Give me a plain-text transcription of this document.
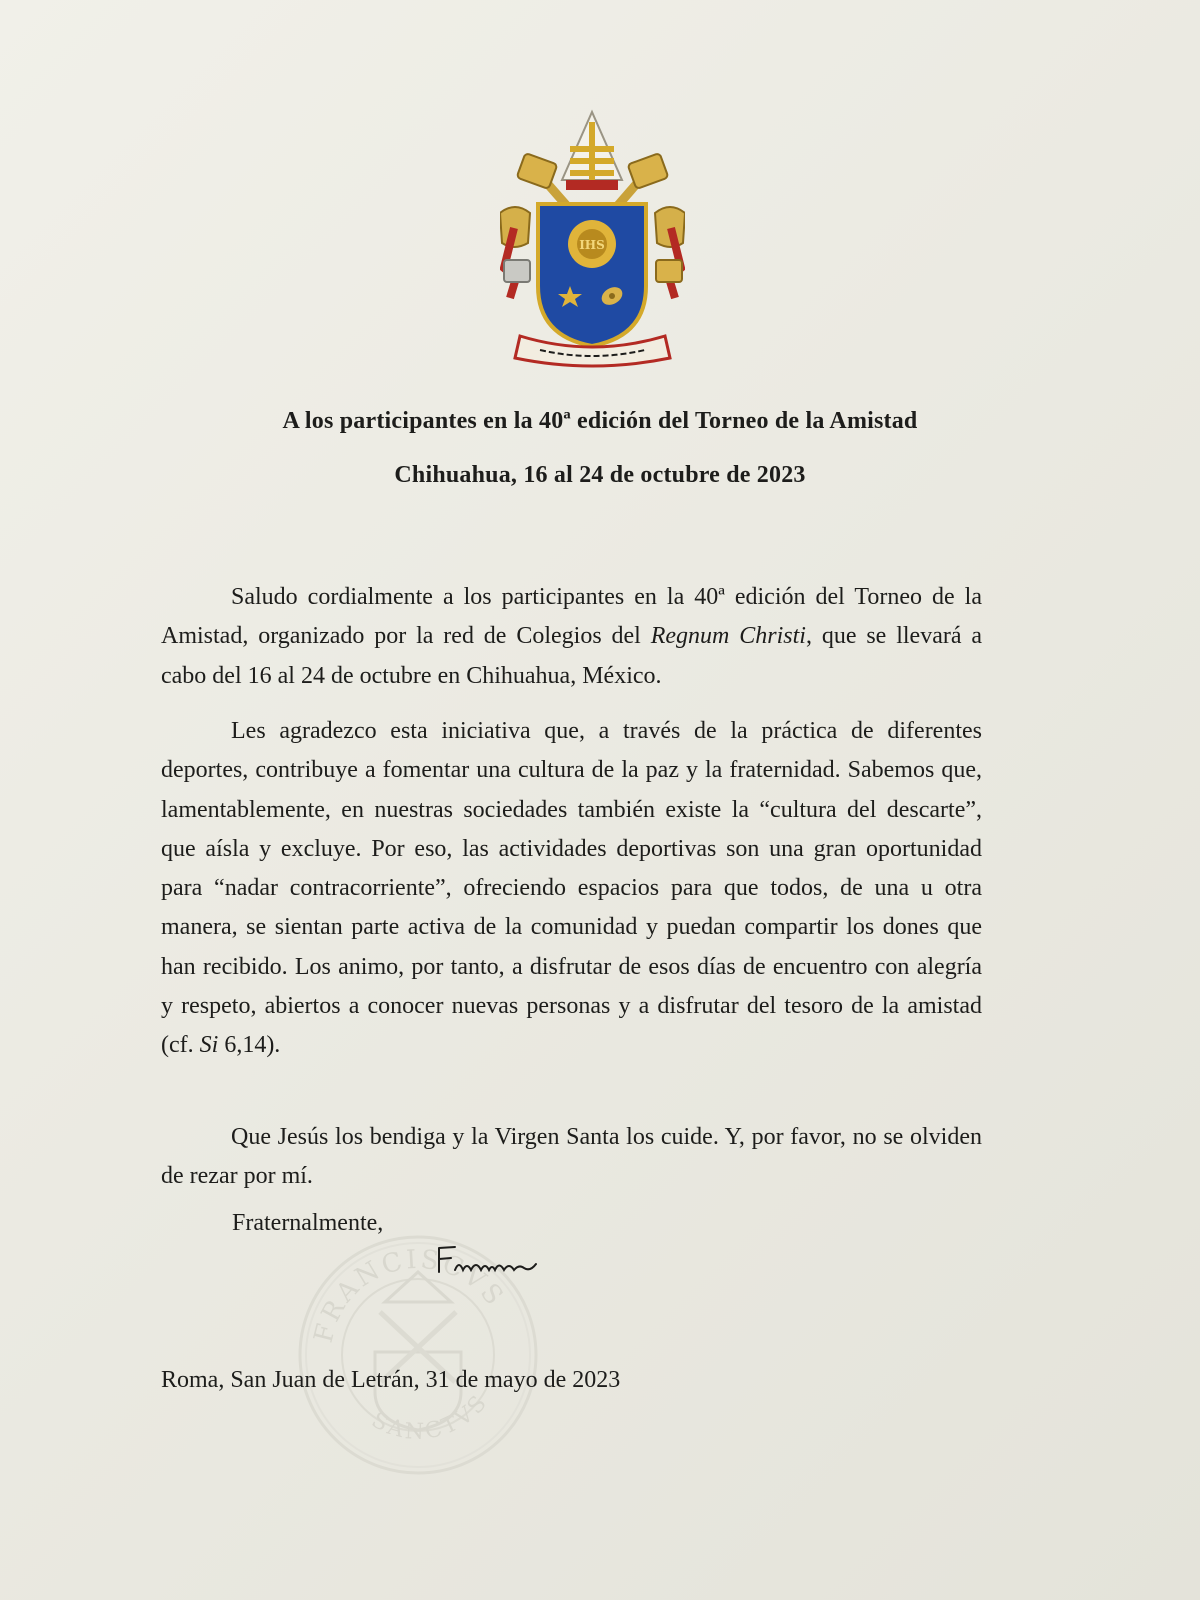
IHS

A los participantes en la 40ª edición del Torneo de la Amistad

Chihuahua, 16 al 24 de octubre de 2023

Saludo cordialmente a los participantes en la 40ª edición del Torneo de la Amistad, organizado por la red de Colegios del Regnum Christi, que se llevará a cabo del 16 al 24 de octubre en Chihuahua, México.

Les agradezco esta iniciativa que, a través de la práctica de diferentes deportes, contribuye a fomentar una cultura de la paz y la fraternidad. Sabemos que, lamentablemente, en nuestras sociedades también existe la “cultura del descarte”, que aísla y excluye. Por eso, las actividades deportivas son una gran oportunidad para “nadar contracorriente”, ofreciendo espacios para que todos, de una u otra manera, se sientan parte activa de la comunidad y puedan compartir los dones que han recibido. Los animo, por tanto, a disfrutar de esos días de encuentro con alegría y respeto, abiertos a conocer nuevas personas y a disfrutar del tesoro de la amistad (cf. Si 6,14).

Que Jesús los bendiga y la Virgen Santa los cuide. Y, por favor, no se olviden de rezar por mí.

FRANCISCVS
SANCTVS

Fraternalmente,

Roma, San Juan de Letrán, 31 de mayo de 2023
